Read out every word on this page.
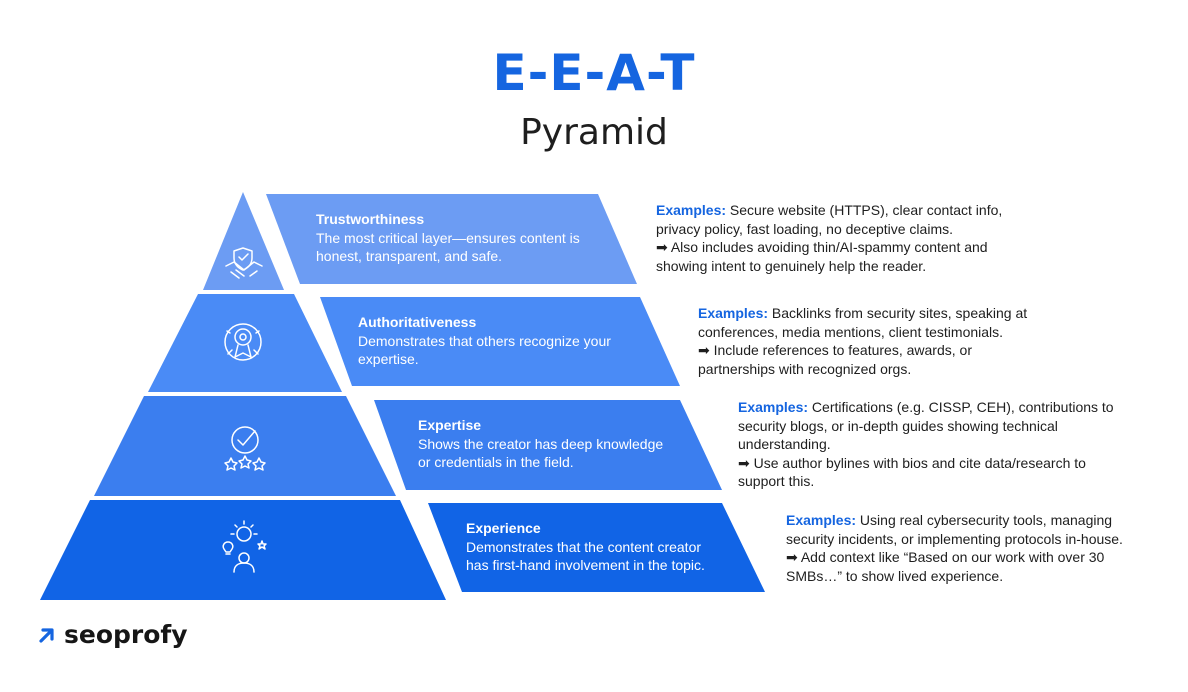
E-E-A-T
Pyramid
Trustworthiness
The most critical layer—ensures content is
honest, transparent, and safe.
Authoritativeness
Demonstrates that others recognize your
expertise.
Expertise
Shows the creator has deep knowledge
or credentials in the field.
Experience
Demonstrates that the content creator
has first-hand involvement in the topic.

Examples: Secure website (HTTPS), clear contact info,

privacy policy, fast loading, no deceptive claims.

➡ Also includes avoiding thin/AI-spammy content and

showing intent to genuinely help the reader.

Examples: Backlinks from security sites, speaking at

conferences, media mentions, client testimonials.

➡ Include references to features, awards, or

partnerships with recognized orgs.

Examples: Certifications (e.g. CISSP, CEH), contributions to

security blogs, or in-depth guides showing technical

understanding.

➡ Use author bylines with bios and cite data/research to

support this.

Examples: Using real cybersecurity tools, managing

security incidents, or implementing protocols in-house.

➡ Add context like “Based on our work with over 30

SMBs…” to show lived experience.

seoprofy
